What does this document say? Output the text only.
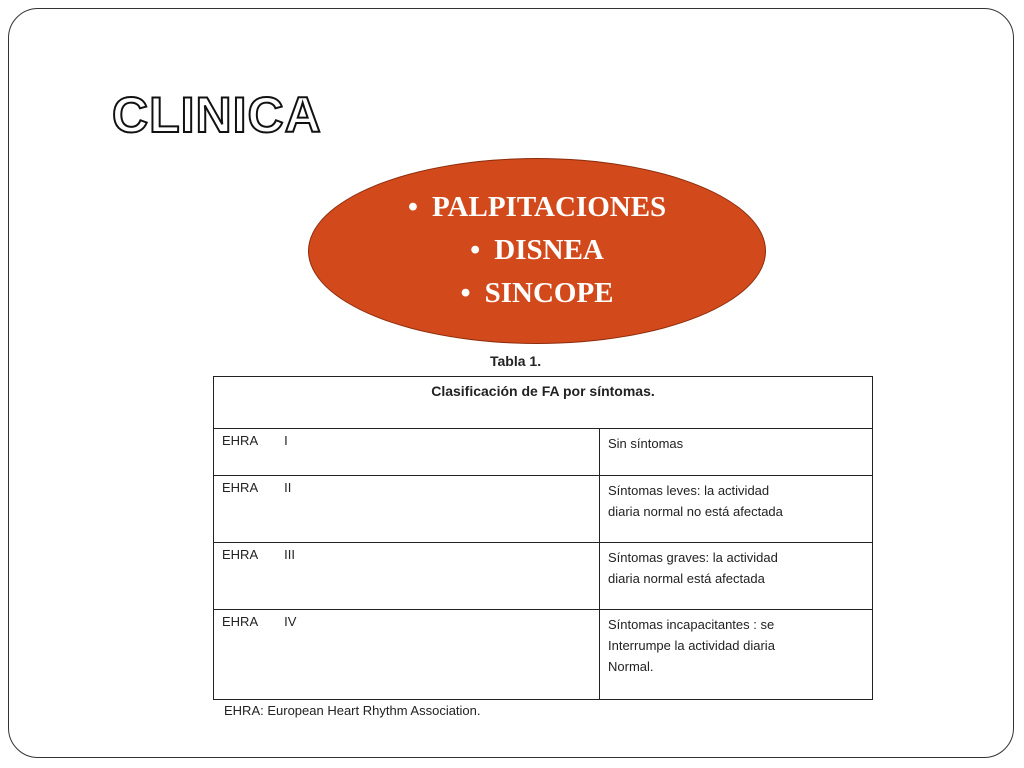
CLINICA
• PALPITACIONES
• DISNEA
• SINCOPE
Tabla 1.
Clasificación de FA por síntomas.	
EHRA I	Sin síntomas

EHRA II	Síntomas leves: la actividad
diaria normal no está afectada

EHRA III	Síntomas graves: la actividad
diaria normal está afectada

EHRA IV	Síntomas incapacitantes : se
Interrumpe la actividad diaria
Normal.
EHRA: European Heart Rhythm Association.
